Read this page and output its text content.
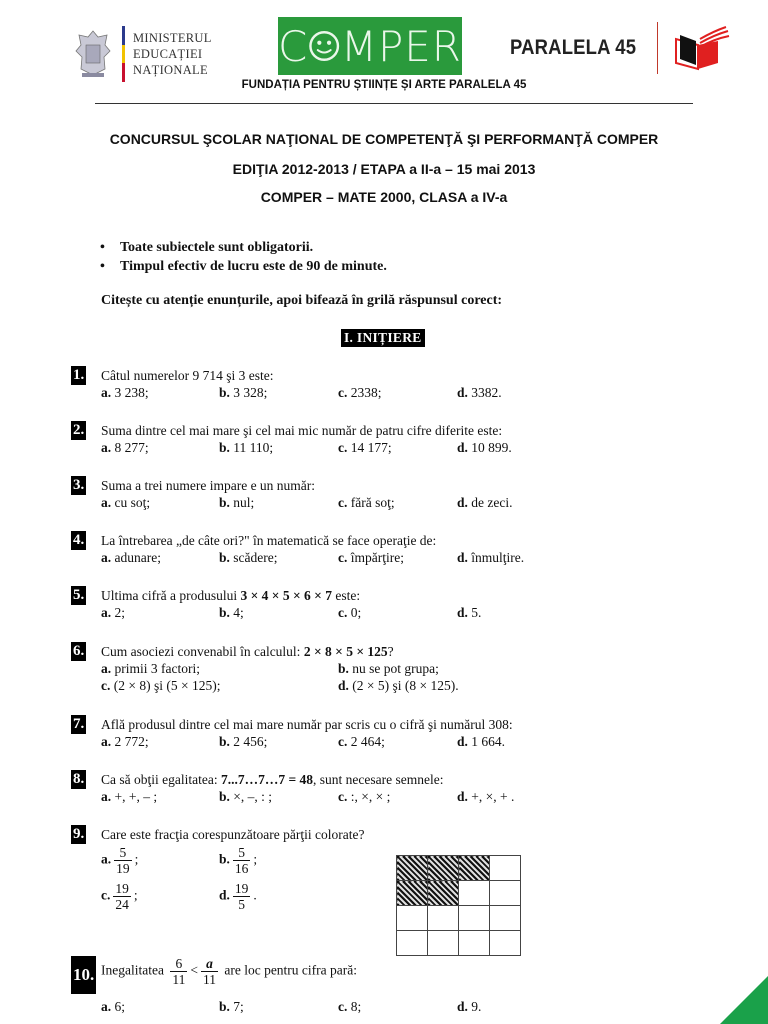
MINISTERUL
EDUCAȚIEI
NAȚIONALE C MPER PARALELA 45
FUNDAȚIA PENTRU ȘTIINȚE ȘI ARTE PARALELA 45
CONCURSUL ŞCOLAR NAŢIONAL DE COMPETENŢĂ ŞI PERFORMANŢĂ COMPER
EDIŢIA 2012-2013 / ETAPA a II-a – 15 mai 2013
COMPER – MATE 2000, CLASA a IV-a
• Toate subiectele sunt obligatorii.
• Timpul efectiv de lucru este de 90 de minute.
Citește cu atenție enunțurile, apoi bifează în grilă răspunsul corect:
I. INIȚIERE
1. Câtul numerelor 9 714 şi 3 este:
a. 3 238;	b. 3 328;	c. 2338;	d. 3382.
2. Suma dintre cel mai mare şi cel mai mic număr de patru cifre diferite este:
a. 8 277;	b. 11 110;	c. 14 177;	d. 10 899.
3. Suma a trei numere impare e un număr:
a. cu soţ;	b. nul;	c. fără soţ;	d. de zeci.
4. La întrebarea „de câte ori?" în matematică se face operaţie de:
a. adunare;	b. scădere;	c. împărţire;	d. înmulţire.
5. Ultima cifră a produsului 3 × 4 × 5 × 6 × 7 este:
a. 2;	b. 4;	c. 0;	d. 5.
6. Cum asociezi convenabil în calculul: 2 × 8 × 5 × 125?
a. primii 3 factori;	b. nu se pot grupa;
c. (2 × 8) şi (5 × 125);	d. (2 × 5) şi (8 × 125).
7. Află produsul dintre cel mai mare număr par scris cu o cifră şi numărul 308:
a. 2 772;	b. 2 456;	c. 2 464;	d. 1 664.
8. Ca să obţii egalitatea: 7...7…7…7 = 48, sunt necesare semnele:
a. +, +, – ;	b. ×, –, : ;	c. :, ×, × ;	d. +, ×, + .
9. Care este fracţia corespunzătoare părţii colorate?
a. $\frac{5}{19}$ ;	b. $\frac{5}{16}$ ;
c. $\frac{19}{24}$ ;	d. $\frac{19}{5}$ .

10. Inegalitatea $\frac{6}{11} < \frac{a}{11}$ are loc pentru cifra pară:
a. 6;	b. 7;	c. 8;	d. 9.
